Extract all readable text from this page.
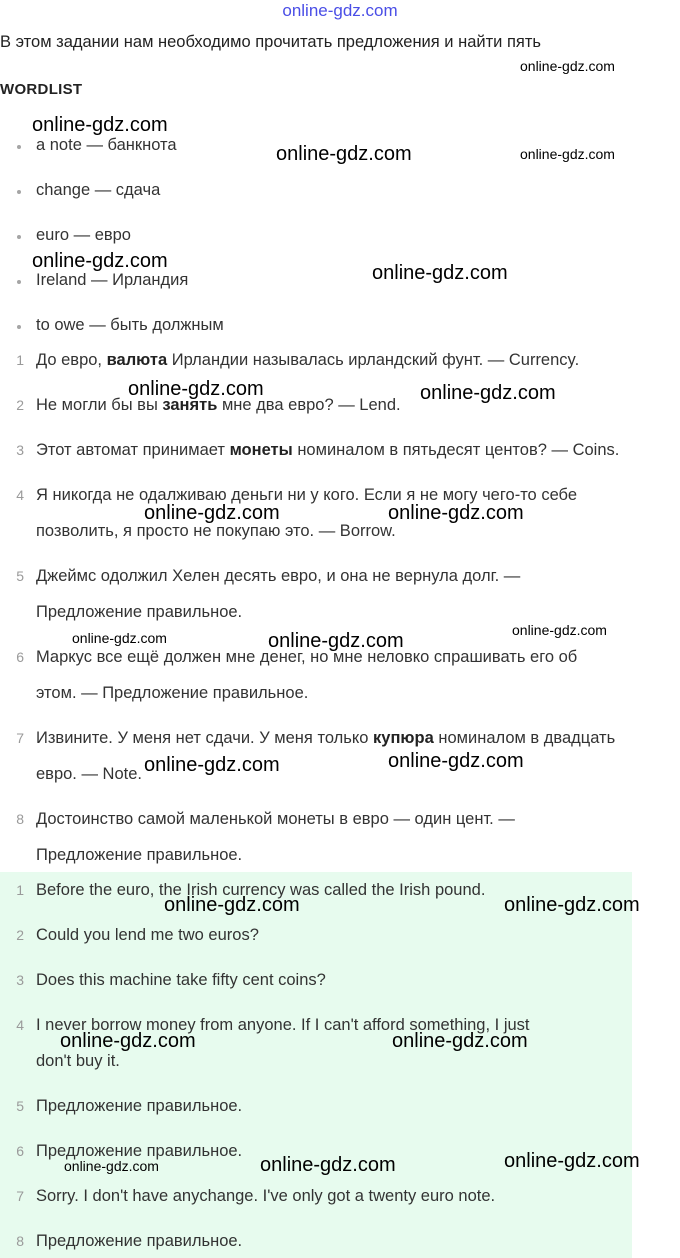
online-gdz.com
В этом задании нам необходимо прочитать предложения и найти пять
WORDLIST
a note — банкнота
change — сдача
euro — евро
Ireland — Ирландия
to owe — быть должным
1 До евро, валюта Ирландии называлась ирландский фунт. — Currency.
2 Не могли бы вы занять мне два евро? — Lend.
3 Этот автомат принимает монеты номиналом в пятьдесят центов? — Coins.
4 Я никогда не одалживаю деньги ни у кого. Если я не могу чего-то себе
позволить, я просто не покупаю это. — Borrow.
5 Джеймс одолжил Хелен десять евро, и она не вернула долг. —
Предложение правильное.
6 Маркус все ещё должен мне денег, но мне неловко спрашивать его об
этом. — Предложение правильное.
7 Извините. У меня нет сдачи. У меня только купюра номиналом в двадцать
евро. — Note.
8 Достоинство самой маленькой монеты в евро — один цент. —
Предложение правильное.
1 Before the euro, the Irish currency was called the Irish pound.
2 Could you lend me two euros?
3 Does this machine take fifty cent coins?
4 I never borrow money from anyone. If I can't afford something, I just
don't buy it.
5 Предложение правильное.
6 Предложение правильное.
7 Sorry. I don't have anychange. I've only got a twenty euro note.
8 Предложение правильное.
online-gdz.com
online-gdz.com
online-gdz.com	online-gdz.com
online-gdz.com
online-gdz.com
online-gdz.com	online-gdz.com
online-gdz.com	online-gdz.com
online-gdz.com	online-gdz.com	online-gdz.com
online-gdz.com	online-gdz.com
online-gdz.com	online-gdz.com
online-gdz.com	online-gdz.com
online-gdz.com	online-gdz.com	online-gdz.com
